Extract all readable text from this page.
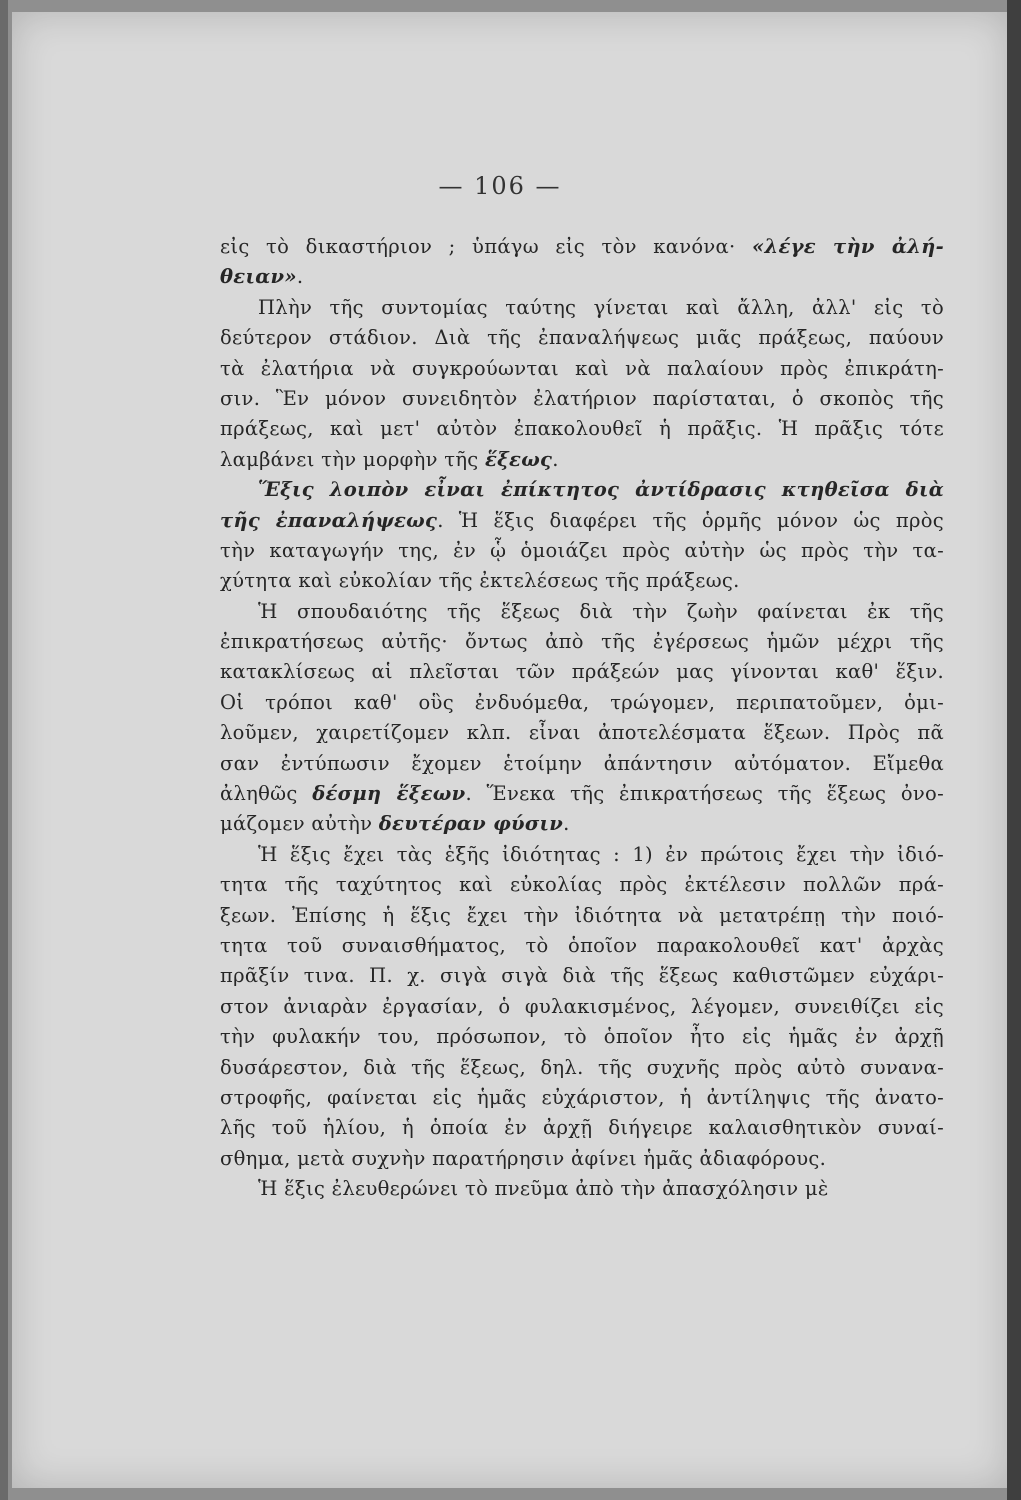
— 106 —
εἰς τὸ δικαστήριον ; ὑπάγω εἰς τὸν κανόνα· «λέγε τὴν ἀλή-
θειαν».
Πλὴν τῆς συντομίας ταύτης γίνεται καὶ ἄλλη, ἀλλ' εἰς τὸ
δεύτερον στάδιον. Διὰ τῆς ἐπαναλήψεως μιᾶς πράξεως, παύουν
τὰ ἐλατήρια νὰ συγκρούωνται καὶ νὰ παλαίουν πρὸς ἐπικράτη-
σιν. Ἓν μόνον συνειδητὸν ἐλατήριον παρίσταται, ὁ σκοπὸς τῆς
πράξεως, καὶ μετ' αὐτὸν ἐπακολουθεῖ ἡ πρᾶξις. Ἡ πρᾶξις τότε
λαμβάνει τὴν μορφὴν τῆς ἕξεως.
Ἕξις λοιπὸν εἶναι ἐπίκτητος ἀντίδρασις κτηθεῖσα διὰ
τῆς ἐπαναλήψεως. Ἡ ἕξις διαφέρει τῆς ὁρμῆς μόνον ὡς πρὸς
τὴν καταγωγήν της, ἐν ᾧ ὁμοιάζει πρὸς αὐτὴν ὡς πρὸς τὴν τα-
χύτητα καὶ εὐκολίαν τῆς ἐκτελέσεως τῆς πράξεως.
Ἡ σπουδαιότης τῆς ἕξεως διὰ τὴν ζωὴν φαίνεται ἐκ τῆς
ἐπικρατήσεως αὐτῆς· ὄντως ἀπὸ τῆς ἐγέρσεως ἡμῶν μέχρι τῆς
κατακλίσεως αἱ πλεῖσται τῶν πράξεών μας γίνονται καθ' ἕξιν.
Οἱ τρόποι καθ' οὓς ἐνδυόμεθα, τρώγομεν, περιπατοῦμεν, ὁμι-
λοῦμεν, χαιρετίζομεν κλπ. εἶναι ἀποτελέσματα ἕξεων. Πρὸς πᾶ
σαν ἐντύπωσιν ἔχομεν ἑτοίμην ἀπάντησιν αὐτόματον. Εἴμεθα
ἀληθῶς δέσμη ἕξεων. Ἕνεκα τῆς ἐπικρατήσεως τῆς ἕξεως ὀνο-
μάζομεν αὐτὴν δευτέραν φύσιν.
Ἡ ἕξις ἔχει τὰς ἑξῆς ἰδιότητας : 1) ἐν πρώτοις ἔχει τὴν ἰδιό-
τητα τῆς ταχύτητος καὶ εὐκολίας πρὸς ἐκτέλεσιν πολλῶν πρά-
ξεων. Ἐπίσης ἡ ἕξις ἔχει τὴν ἰδιότητα νὰ μετατρέπῃ τὴν ποιό-
τητα τοῦ συναισθήματος, τὸ ὁποῖον παρακολουθεῖ κατ' ἀρχὰς
πρᾶξίν τινα. Π. χ. σιγὰ σιγὰ διὰ τῆς ἕξεως καθιστῶμεν εὐχάρι-
στον ἀνιαρὰν ἐργασίαν, ὁ φυλακισμένος, λέγομεν, συνειθίζει εἰς
τὴν φυλακήν του, πρόσωπον, τὸ ὁποῖον ἦτο εἰς ἡμᾶς ἐν ἀρχῇ
δυσάρεστον, διὰ τῆς ἕξεως, δηλ. τῆς συχνῆς πρὸς αὐτὸ συνανα-
στροφῆς, φαίνεται εἰς ἡμᾶς εὐχάριστον, ἡ ἀντίληψις τῆς ἀνατο-
λῆς τοῦ ἡλίου, ἡ ὁποία ἐν ἀρχῇ διήγειρε καλαισθητικὸν συναί-
σθημα, μετὰ συχνὴν παρατήρησιν ἀφίνει ἡμᾶς ἀδιαφόρους.
Ἡ ἕξις ἐλευθερώνει τὸ πνεῦμα ἀπὸ τὴν ἀπασχόλησιν μὲ
